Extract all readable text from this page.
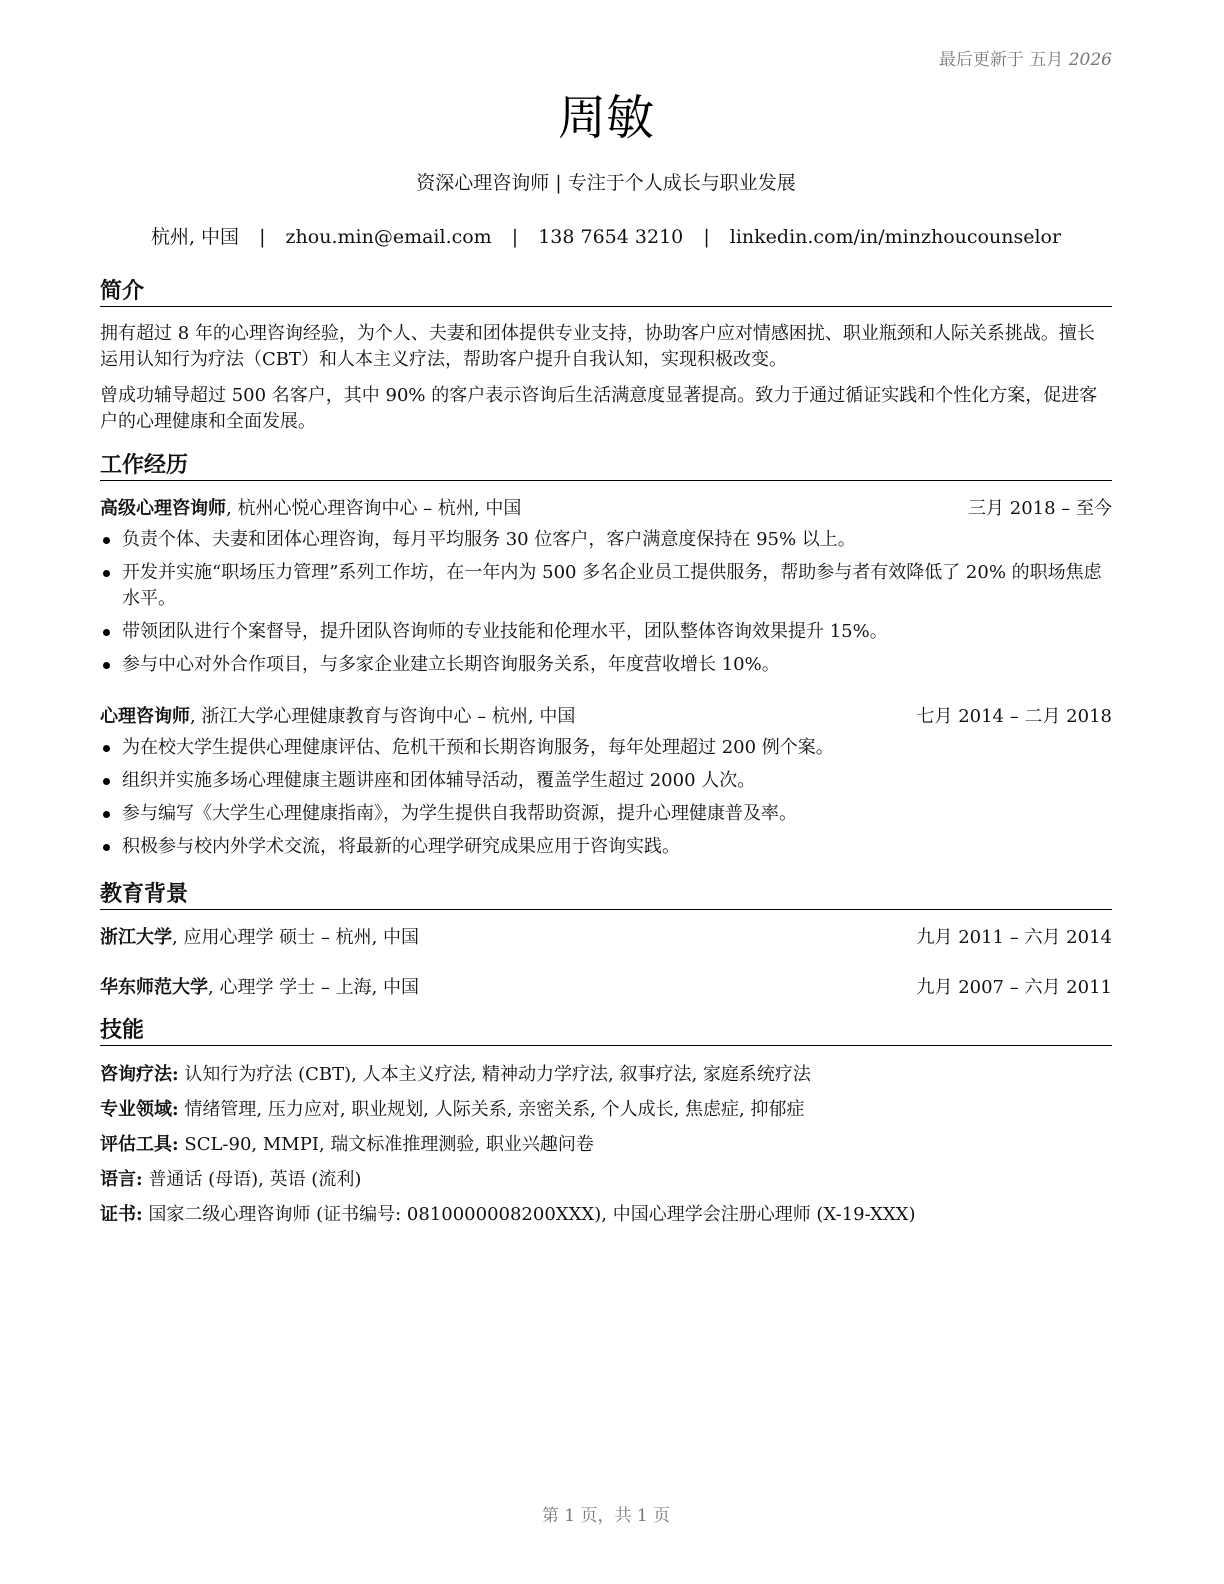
最后更新于 五月 2026
周敏
资深心理咨询师 | 专注于个人成长与职业发展
杭州, 中国 | zhou.min@email.com | 138 7654 3210 | linkedin.com/in/minzhoucounselor
简介

拥有超过 8 年的心理咨询经验，为个人、夫妻和团体提供专业支持，协助客户应对情感困扰、职业瓶颈和人际关系挑战。擅长运用认知行为疗法（CBT）和人本主义疗法，帮助客户提升自我认知，实现积极改变。

曾成功辅导超过 500 名客户，其中 90% 的客户表示咨询后生活满意度显著提高。致力于通过循证实践和个性化方案，促进客户的心理健康和全面发展。

工作经历
高级心理咨询师, 杭州心悦心理咨询中心 – 杭州, 中国	三月 2018 – 至今
负责个体、夫妻和团体心理咨询，每月平均服务 30 位客户，客户满意度保持在 95% 以上。
开发并实施“职场压力管理”系列工作坊，在一年内为 500 多名企业员工提供服务，帮助参与者有效降低了 20% 的职场焦虑水平。
带领团队进行个案督导，提升团队咨询师的专业技能和伦理水平，团队整体咨询效果提升 15%。
参与中心对外合作项目，与多家企业建立长期咨询服务关系，年度营收增长 10%。
心理咨询师, 浙江大学心理健康教育与咨询中心 – 杭州, 中国	七月 2014 – 二月 2018
为在校大学生提供心理健康评估、危机干预和长期咨询服务，每年处理超过 200 例个案。
组织并实施多场心理健康主题讲座和团体辅导活动，覆盖学生超过 2000 人次。
参与编写《大学生心理健康指南》，为学生提供自我帮助资源，提升心理健康普及率。
积极参与校内外学术交流，将最新的心理学研究成果应用于咨询实践。
教育背景
浙江大学, 应用心理学 硕士 – 杭州, 中国	九月 2011 – 六月 2014
华东师范大学, 心理学 学士 – 上海, 中国	九月 2007 – 六月 2011
技能
咨询疗法: 认知行为疗法 (CBT), 人本主义疗法, 精神动力学疗法, 叙事疗法, 家庭系统疗法
专业领域: 情绪管理, 压力应对, 职业规划, 人际关系, 亲密关系, 个人成长, 焦虑症, 抑郁症
评估工具: SCL-90, MMPI, 瑞文标准推理测验, 职业兴趣问卷
语言: 普通话 (母语), 英语 (流利)
证书: 国家二级心理咨询师 (证书编号: 0810000008200XXX), 中国心理学会注册心理师 (X-19-XXX)
第 1 页，共 1 页
